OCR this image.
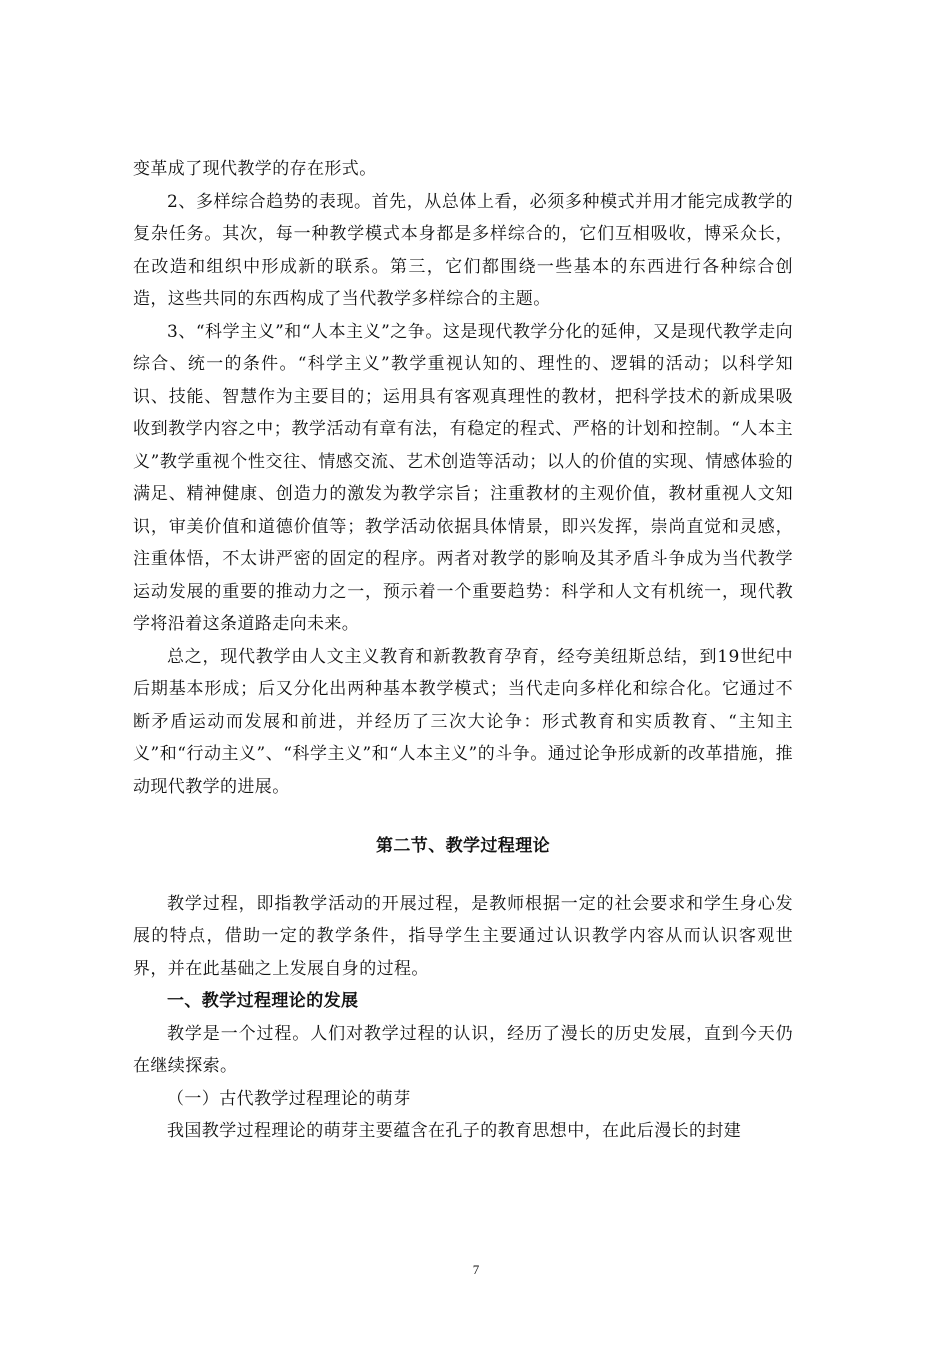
变革成了现代教学的存在形式。

2、多样综合趋势的表现。首先，从总体上看，必须多种模式并用才能完成教学的复杂任务。其次，每一种教学模式本身都是多样综合的，它们互相吸收，博采众长，在改造和组织中形成新的联系。第三，它们都围绕一些基本的东西进行各种综合创造，这些共同的东西构成了当代教学多样综合的主题。

3、“科学主义”和“人本主义”之争。这是现代教学分化的延伸，又是现代教学走向综合、统一的条件。“科学主义”教学重视认知的、理性的、逻辑的活动；以科学知识、技能、智慧作为主要目的；运用具有客观真理性的教材，把科学技术的新成果吸收到教学内容之中；教学活动有章有法，有稳定的程式、严格的计划和控制。“人本主义”教学重视个性交往、情感交流、艺术创造等活动；以人的价值的实现、情感体验的满足、精神健康、创造力的激发为教学宗旨；注重教材的主观价值，教材重视人文知识，审美价值和道德价值等；教学活动依据具体情景，即兴发挥，崇尚直觉和灵感，注重体悟，不太讲严密的固定的程序。两者对教学的影响及其矛盾斗争成为当代教学运动发展的重要的推动力之一，预示着一个重要趋势：科学和人文有机统一，现代教学将沿着这条道路走向未来。

总之，现代教学由人文主义教育和新教教育孕育，经夸美纽斯总结，到19世纪中后期基本形成；后又分化出两种基本教学模式；当代走向多样化和综合化。它通过不断矛盾运动而发展和前进，并经历了三次大论争：形式教育和实质教育、“主知主义”和“行动主义”、“科学主义”和“人本主义”的斗争。通过论争形成新的改革措施，推动现代教学的进展。

第二节、教学过程理论

教学过程，即指教学活动的开展过程，是教师根据一定的社会要求和学生身心发展的特点，借助一定的教学条件，指导学生主要通过认识教学内容从而认识客观世界，并在此基础之上发展自身的过程。

一、教学过程理论的发展

教学是一个过程。人们对教学过程的认识，经历了漫长的历史发展，直到今天仍在继续探索。

（一）古代教学过程理论的萌芽

我国教学过程理论的萌芽主要蕴含在孔子的教育思想中，在此后漫长的封建

7
